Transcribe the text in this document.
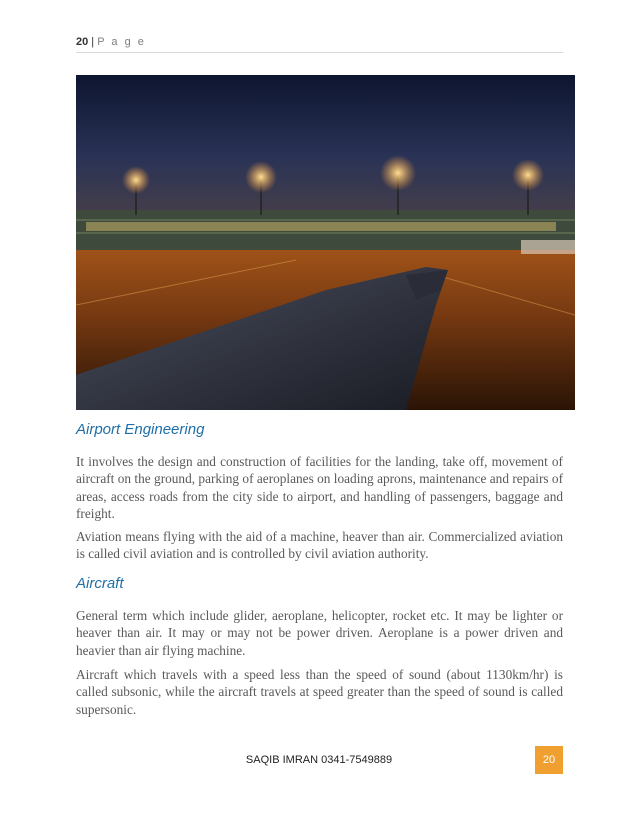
20 | P a g e
Airport Engineering

It involves the design and construction of facilities for the landing, take off, movement of aircraft on the ground, parking of aeroplanes on loading aprons, maintenance and repairs of areas, access roads from the city side to airport, and handling of passengers, baggage and freight.

Aviation means flying with the aid of a machine, heaver than air. Commercialized aviation is called civil aviation and is controlled by civil aviation authority.

Aircraft

General term which include glider, aeroplane, helicopter, rocket etc. It may be lighter or heaver than air. It may or may not be power driven. Aeroplane is a power driven and heavier than air flying machine.

Aircraft which travels with a speed less than the speed of sound (about 1130km/hr) is called subsonic, while the aircraft travels at speed greater than the speed of sound is called supersonic.

SAQIB IMRAN 0341-7549889	20
